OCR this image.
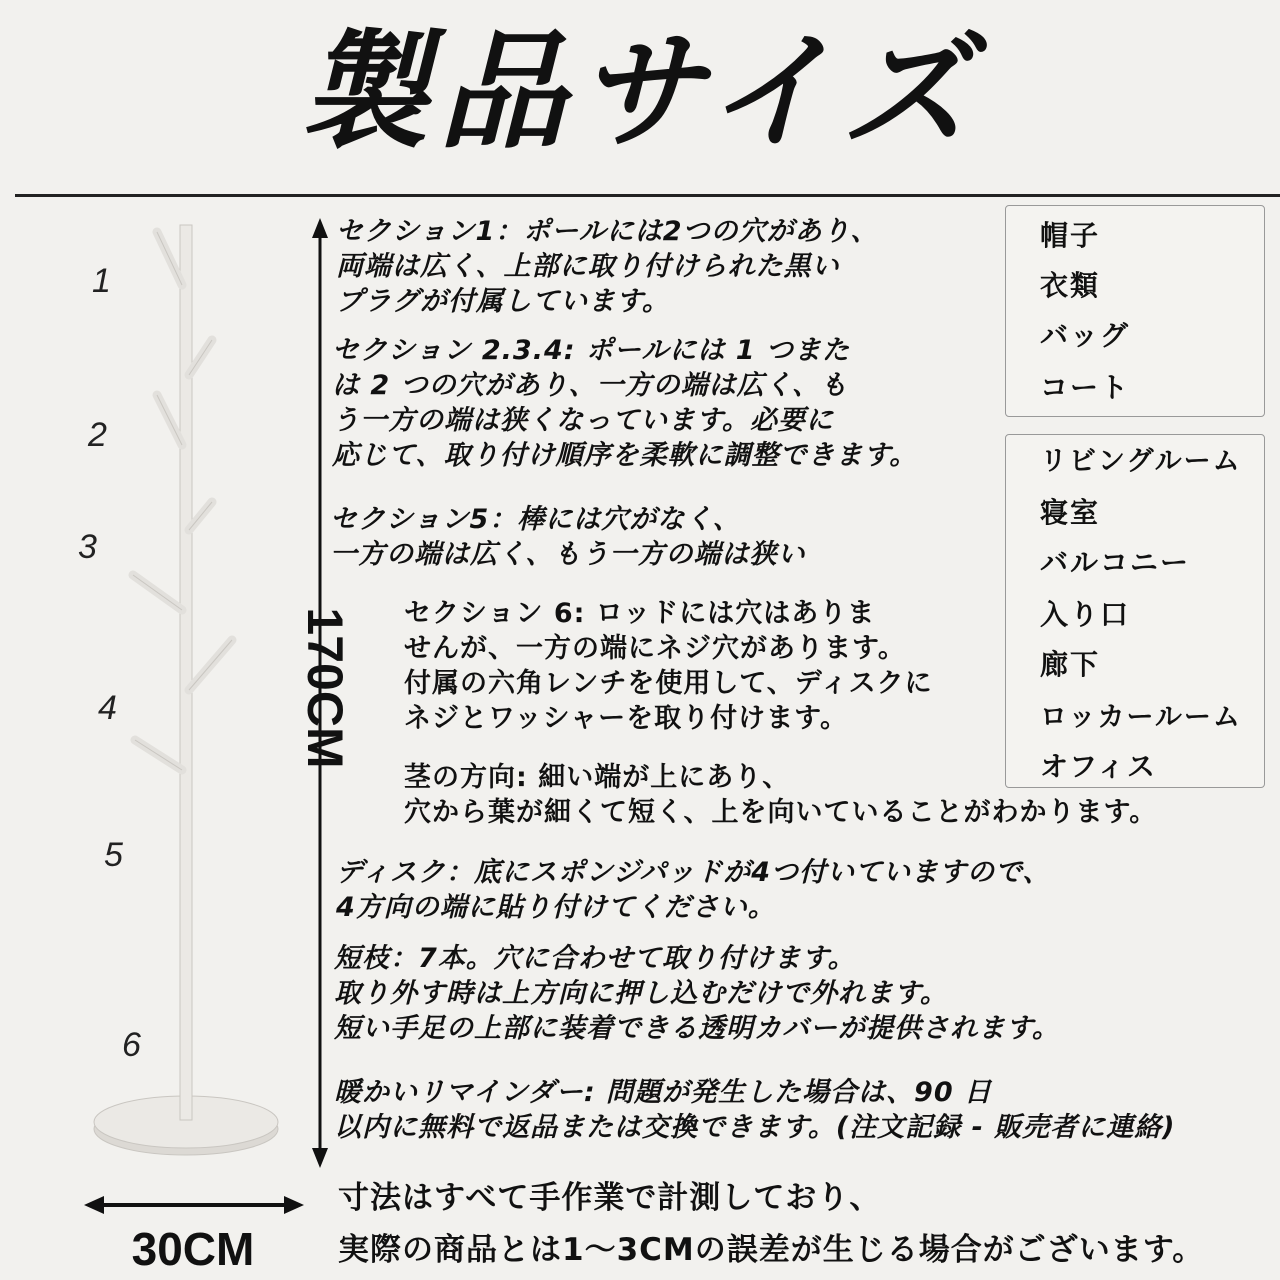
製品サイズ
1
2
3
4
5
6
170CM
30CM
セクション1：ポールには2つの穴があり、
両端は広く、上部に取り付けられた黒い
プラグが付属しています。
セクション 2.3.4: ポールには 1 つまた
は 2 つの穴があり、一方の端は広く、も
う一方の端は狭くなっています。必要に
応じて、取り付け順序を柔軟に調整できます。
セクション5：棒には穴がなく、
一方の端は広く、もう一方の端は狭い
セクション 6: ロッドには穴はありま
せんが、一方の端にネジ穴があります。
付属の六角レンチを使用して、ディスクに
ネジとワッシャーを取り付けます。
茎の方向: 細い端が上にあり、
穴から葉が細くて短く、上を向いていることがわかります。
ディスク：底にスポンジパッドが4つ付いていますので、
4方向の端に貼り付けてください。
短枝：7本。穴に合わせて取り付けます。
取り外す時は上方向に押し込むだけで外れます。
短い手足の上部に装着できる透明カバーが提供されます。
暖かいリマインダー: 問題が発生した場合は、90 日
以内に無料で返品または交換できます。(注文記録 - 販売者に連絡)
帽子
衣類
バッグ
コート
リビングルーム
寝室
バルコニー
入り口
廊下
ロッカールーム
オフィス
寸法はすべて手作業で計測しており、
実際の商品とは1～3CMの誤差が生じる場合がございます。
